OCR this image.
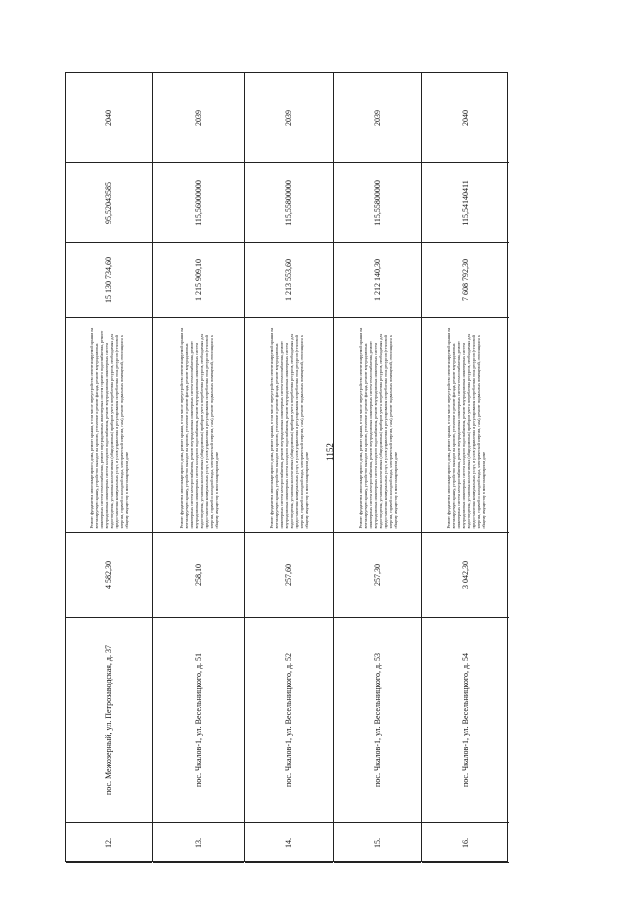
1152
12.
пос. Межозерный, ул. Петрозаводская, д. 37
4 582,30
Ремонт фундамента многоквартирного дома, ремонт крыши, в том числе переустройство невентилируемой крыши на вентилируемую крышу, устройство выходов на кровлю, утепление и ремонт фасада, ремонт внутридомовых инженерных систем теплоснабжения, ремонт внутридомовых инженерных систем горячего водоснабжения, ремонт внутридомовых инженерных систем холодного водоснабжения, ремонт внутридомовых инженерных систем водоотведения, установка коллективных (общедомовых) приборов учета потребления ресурсов, необходимых для предоставления коммунальных услуг, и узлов управления и регулирования потребления этих ресурсов (тепловой энергии, горячей и холодной воды, электрической энергии, газа), ремонт подвальных помещений, относящихся к общему имуществу в многоквартирном доме
15 130 734,60
95,52043585
2040
13.
пос. Чкалов-1, ул. Весельницкого, д. 51
258,10
Ремонт фундамента многоквартирного дома, ремонт крыши, в том числе переустройство невентилируемой крыши на вентилируемую крышу, устройство выходов на кровлю, утепление и ремонт фасада, ремонт внутридомовых инженерных систем электроснабжения, ремонт внутридомовых инженерных систем теплоснабжения, ремонт внутридомовых инженерных систем холодного водоснабжения, ремонт внутридомовых инженерных систем водоотведения, установка коллективных (общедомовых) приборов учета потребления ресурсов, необходимых для предоставления коммунальных услуг, и узлов управления и регулирования потребления этих ресурсов (тепловой энергии, горячей и холодной воды, электрической энергии, газа), ремонт подвальных помещений, относящихся к общему имуществу в многоквартирном доме
1 215 909,10
115,56000000
2039
14.
пос. Чкалов-1, ул. Весельницкого, д. 52
257,60
Ремонт фундамента многоквартирного дома, ремонт крыши, в том числе переустройство невентилируемой крыши на вентилируемую крышу, устройство выходов на кровлю, утепление и ремонт фасада, ремонт внутридомовых инженерных систем электроснабжения, ремонт внутридомовых инженерных систем теплоснабжения, ремонт внутридомовых инженерных систем холодного водоснабжения, ремонт внутридомовых инженерных систем водоотведения, установка коллективных (общедомовых) приборов учета потребления ресурсов, необходимых для предоставления коммунальных услуг, и узлов управления и регулирования потребления этих ресурсов (тепловой энергии, горячей и холодной воды, электрической энергии, газа), ремонт подвальных помещений, относящихся к общему имуществу в многоквартирном доме
1 213 553,60
115,55800000
2039
15.
пос. Чкалов-1, ул. Весельницкого, д. 53
257,30
Ремонт фундамента многоквартирного дома, ремонт крыши, в том числе переустройство невентилируемой крыши на вентилируемую крышу, устройство выходов на кровлю, утепление и ремонт фасада, ремонт внутридомовых инженерных систем электроснабжения, ремонт внутридомовых инженерных систем теплоснабжения, ремонт внутридомовых инженерных систем холодного водоснабжения, ремонт внутридомовых инженерных систем водоотведения, установка коллективных (общедомовых) приборов учета потребления ресурсов, необходимых для предоставления коммунальных услуг, и узлов управления и регулирования потребления этих ресурсов (тепловой энергии, горячей и холодной воды, электрической энергии, газа), ремонт подвальных помещений, относящихся к общему имуществу в многоквартирном доме
1 212 140,30
115,55800000
2039
16.
пос. Чкалов-1, ул. Весельницкого, д. 54
3 042,30
Ремонт фундамента многоквартирного дома, ремонт крыши, в том числе переустройство невентилируемой крыши на вентилируемую крышу, устройство выходов на кровлю, утепление и ремонт фасада, ремонт внутридомовых инженерных систем электроснабжения, ремонт внутридомовых инженерных систем теплоснабжения, ремонт внутридомовых инженерных систем холодного водоснабжения, ремонт внутридомовых инженерных систем водоотведения, установка коллективных (общедомовых) приборов учета потребления ресурсов, необходимых для предоставления коммунальных услуг, и узлов управления и регулирования потребления этих ресурсов (тепловой энергии, горячей и холодной воды, электрической энергии, газа), ремонт подвальных помещений, относящихся к общему имуществу в многоквартирном доме
7 608 792,30
115,54140411
2040
